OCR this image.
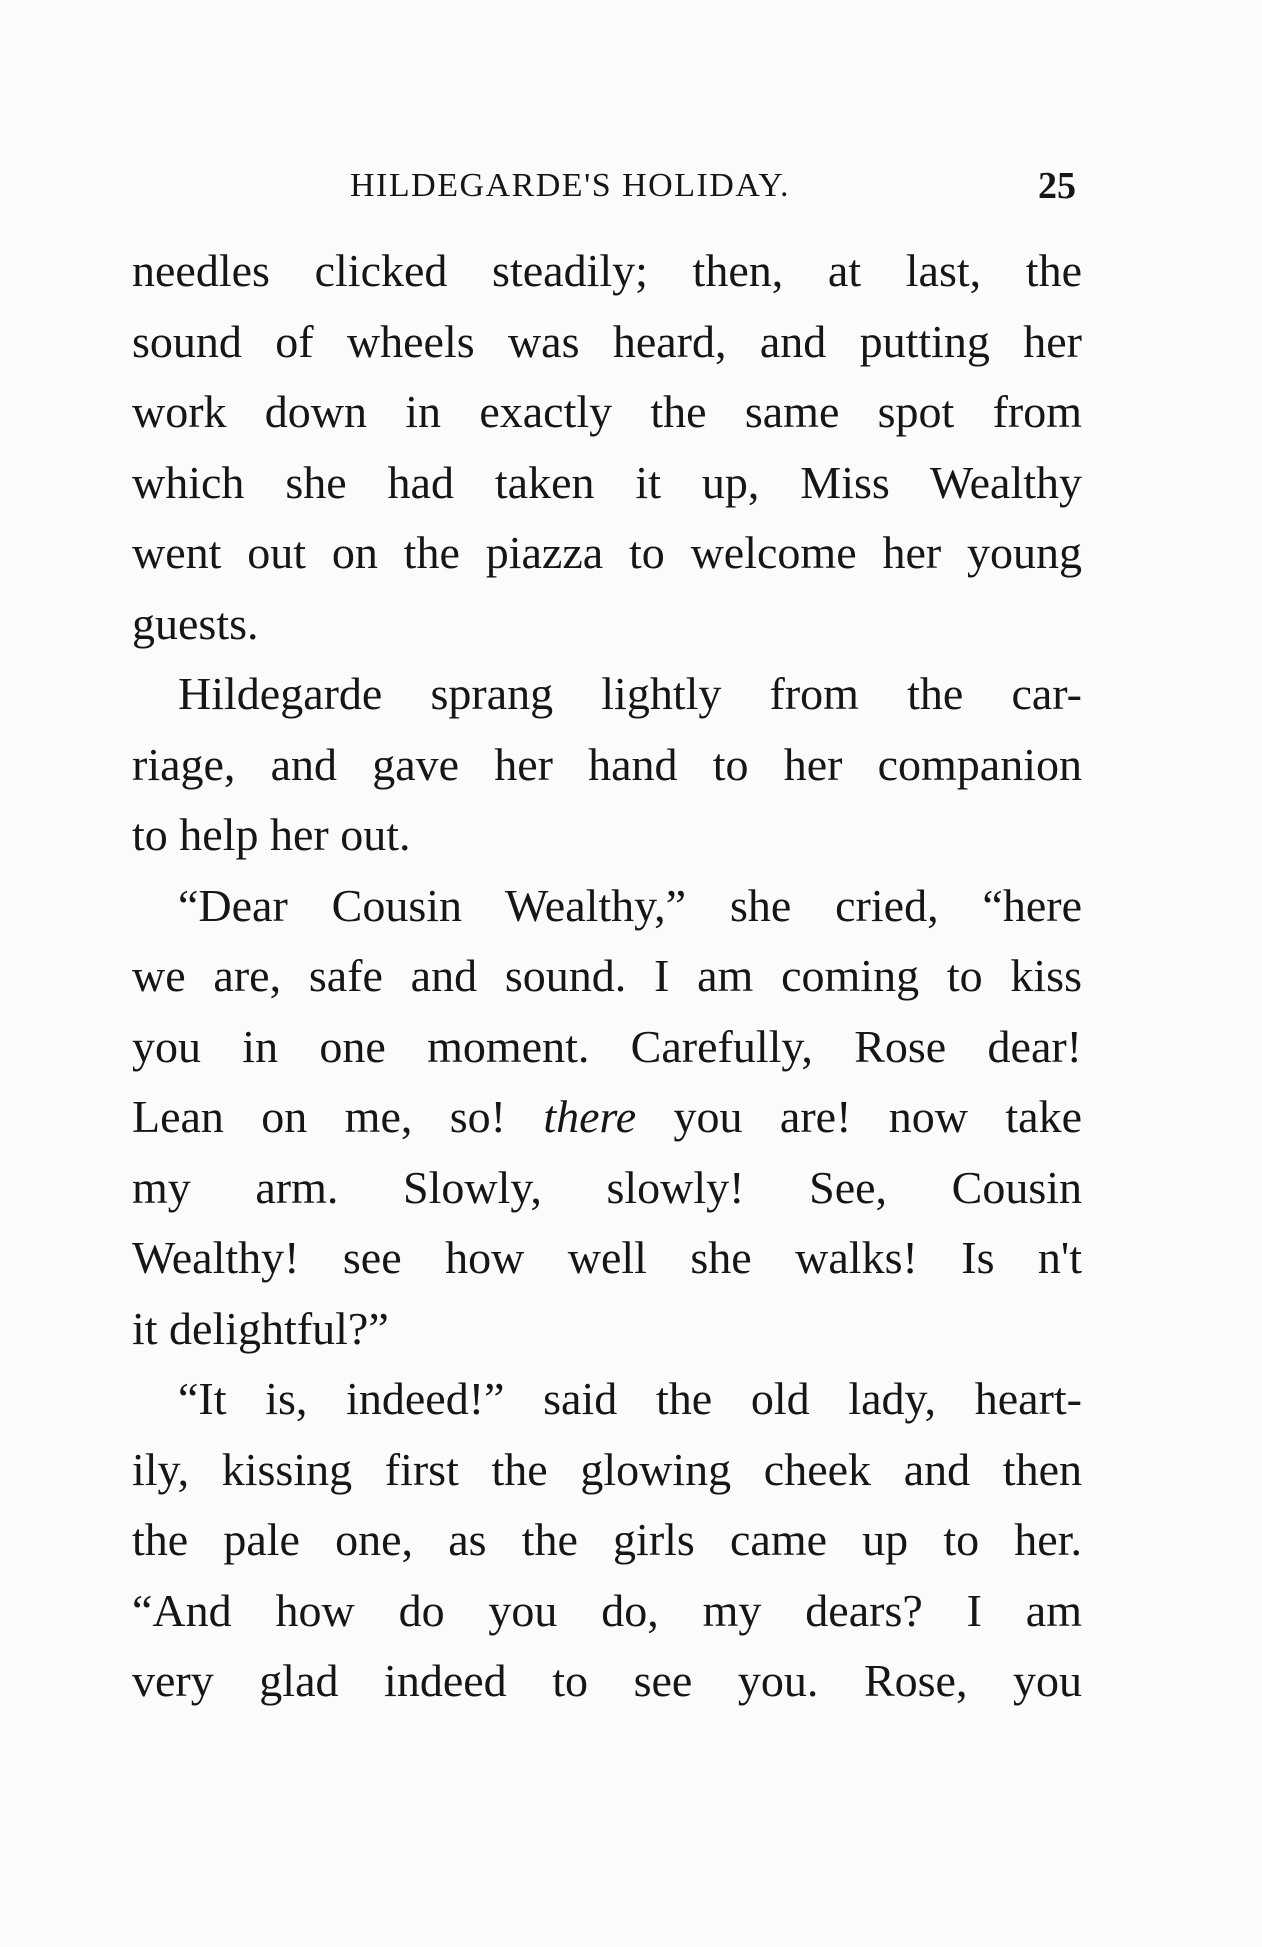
HILDEGARDE'S HOLIDAY.	25
needles clicked steadily; then, at last, the
sound of wheels was heard, and putting her
work down in exactly the same spot from
which she had taken it up, Miss Wealthy
went out on the piazza to welcome her young
guests.
Hildegarde sprang lightly from the car-
riage, and gave her hand to her companion
to help her out.
“Dear Cousin Wealthy,” she cried, “here
we are, safe and sound. I am coming to kiss
you in one moment. Carefully, Rose dear!
Lean on me, so! there you are! now take
my arm. Slowly, slowly! See, Cousin
Wealthy! see how well she walks! Is n't
it delightful?”
“It is, indeed!” said the old lady, heart-
ily, kissing first the glowing cheek and then
the pale one, as the girls came up to her.
“And how do you do, my dears? I am
very glad indeed to see you. Rose, you
